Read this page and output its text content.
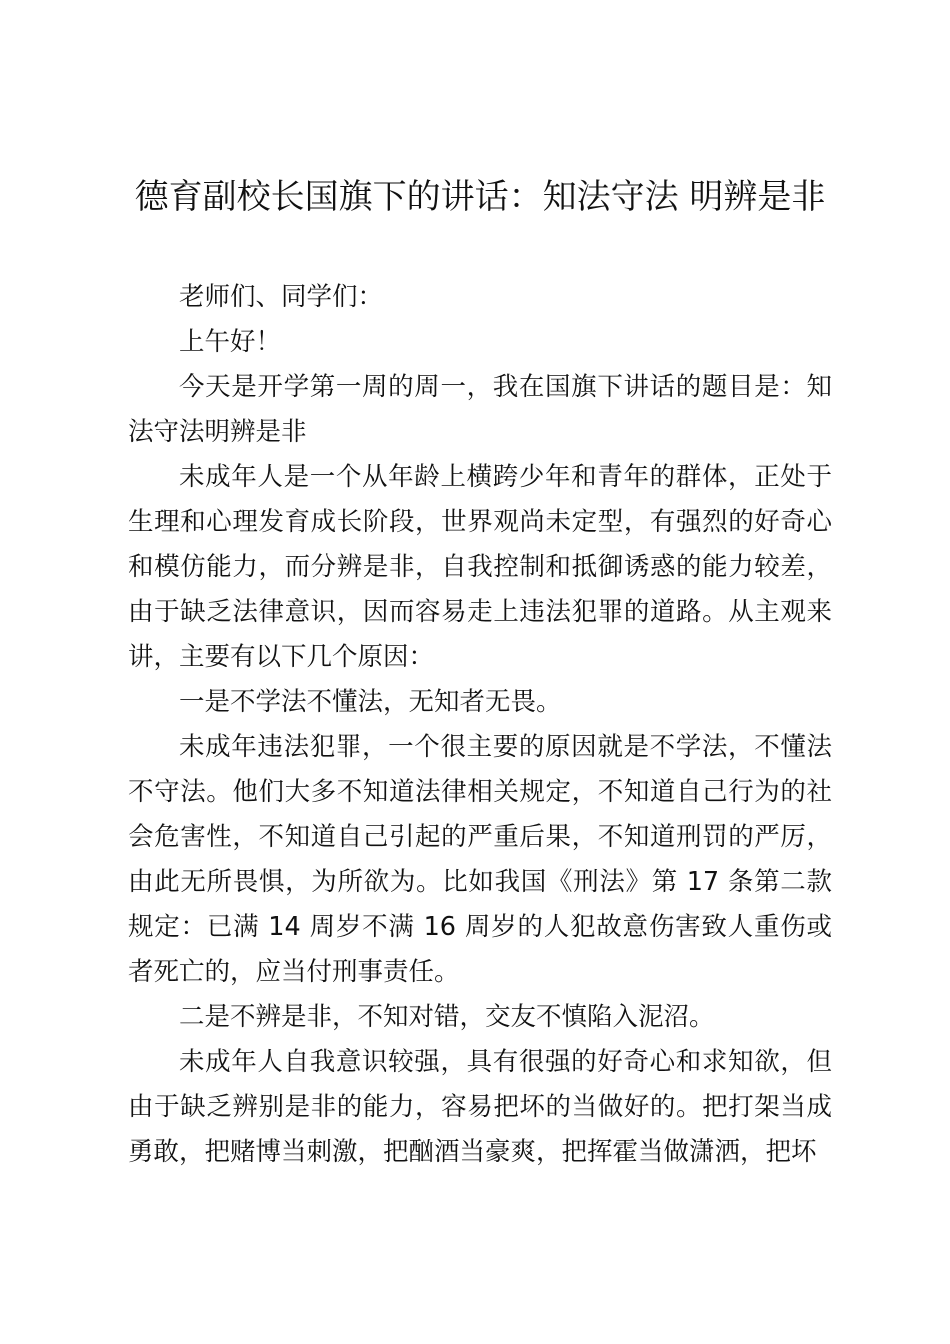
德育副校长国旗下的讲话：知法守法 明辨是非

老师们、同学们：

上午好！

今天是开学第一周的周一，我在国旗下讲话的题目是：知法守法明辨是非

未成年人是一个从年龄上横跨少年和青年的群体，正处于生理和心理发育成长阶段，世界观尚未定型，有强烈的好奇心和模仿能力，而分辨是非，自我控制和抵御诱惑的能力较差，由于缺乏法律意识，因而容易走上违法犯罪的道路。从主观来讲，主要有以下几个原因：

一是不学法不懂法，无知者无畏。

未成年违法犯罪，一个很主要的原因就是不学法，不懂法不守法。他们大多不知道法律相关规定，不知道自己行为的社会危害性，不知道自己引起的严重后果，不知道刑罚的严厉，由此无所畏惧，为所欲为。比如我国《刑法》第 17 条第二款规定：已满 14 周岁不满 16 周岁的人犯故意伤害致人重伤或者死亡的，应当付刑事责任。

二是不辨是非，不知对错，交友不慎陷入泥沼。

未成年人自我意识较强，具有很强的好奇心和求知欲，但由于缺乏辨别是非的能力，容易把坏的当做好的。把打架当成勇敢，把赌博当刺激，把酗酒当豪爽，把挥霍当做潇洒，把坏
